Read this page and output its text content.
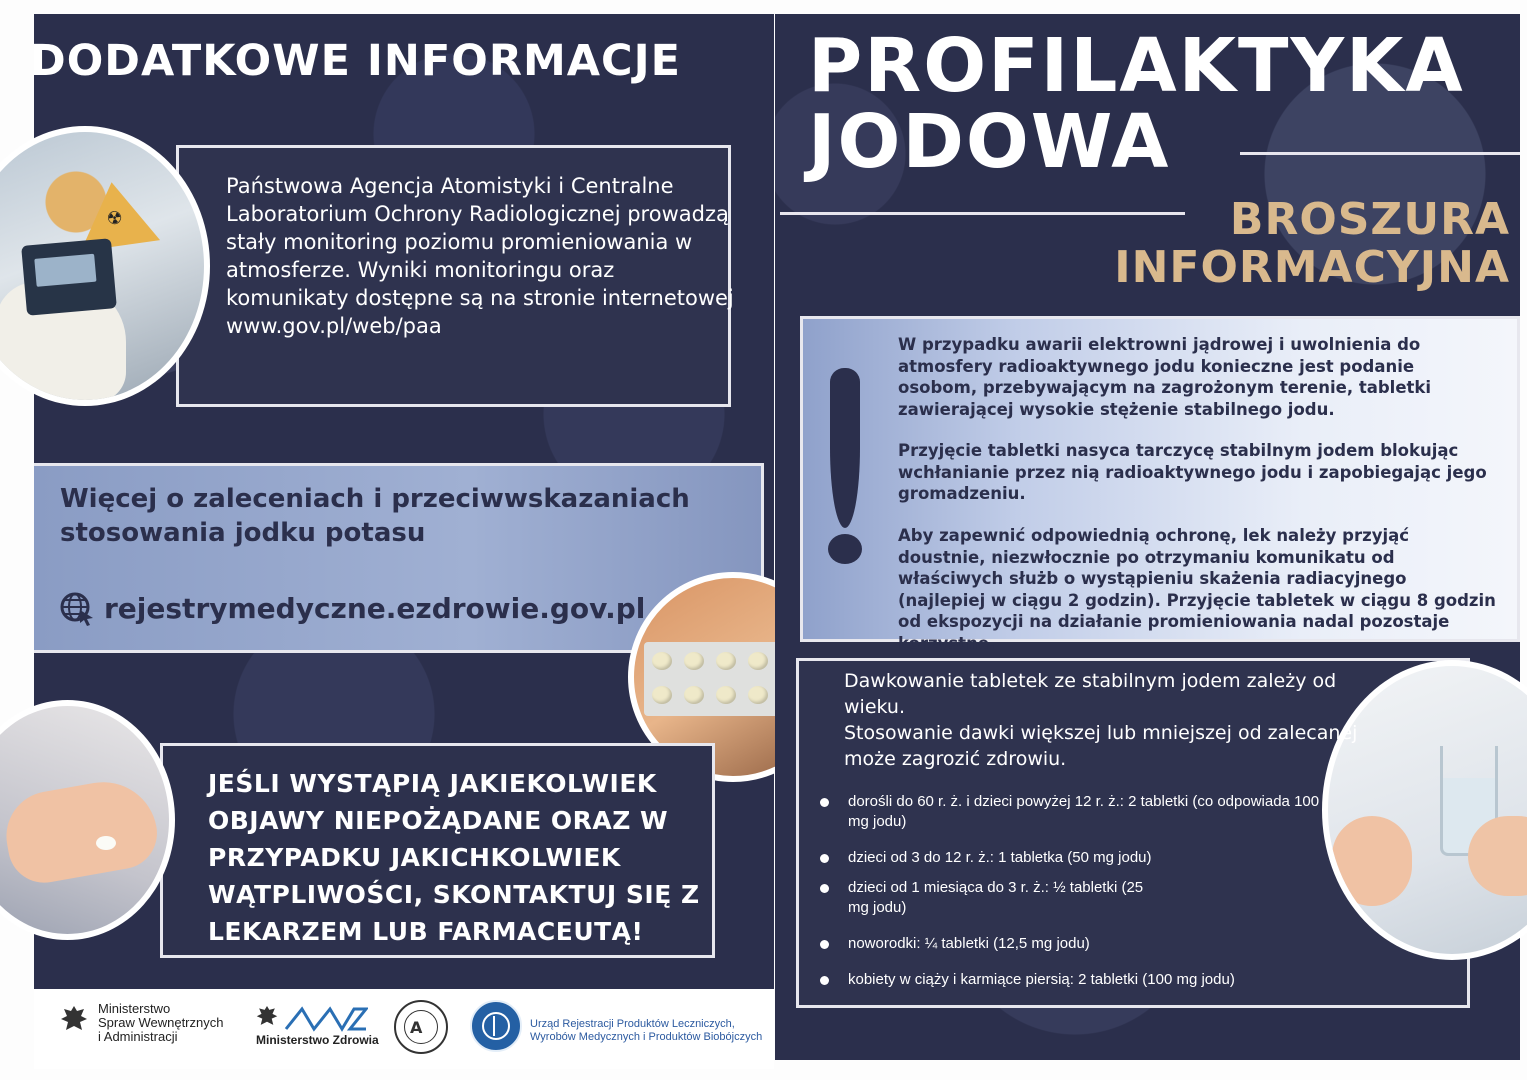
DODATKOWE INFORMACJE
☢
Państwowa Agencja Atomistyki i Centralne Laboratorium Ochrony Radiologicznej prowadzą stały monitoring poziomu promieniowania w atmosferze. Wyniki monitoringu oraz komunikaty dostępne są na stronie internetowej www.gov.pl/web/paa
Więcej o zaleceniach i przeciwwskazaniach stosowania jodku potasu
rejestrymedyczne.ezdrowie.gov.pl
JEŚLI WYSTĄPIĄ JAKIEKOLWIEK OBJAWY NIEPOŻĄDANE ORAZ W PRZYPADKU JAKICHKOLWIEK WĄTPLIWOŚCI, SKONTAKTUJ SIĘ Z LEKARZEM LUB FARMACEUTĄ!
Ministerstwo
Spraw Wewnętrznych
i Administracji	Ministerstwo Zdrowia
A	Urząd Rejestracji Produktów Leczniczych,
Wyrobów Medycznych i Produktów Biobójczych
PROFILAKTYKA
JODOWA
BROSZURA
INFORMACYJNA
W przypadku awarii elektrowni jądrowej i uwolnienia do atmosfery radioaktywnego jodu konieczne jest podanie osobom, przebywającym na zagrożonym terenie, tabletki zawierającej wysokie stężenie stabilnego jodu.
Przyjęcie tabletki nasyca tarczycę stabilnym jodem blokując wchłanianie przez nią radioaktywnego jodu i zapobiegając jego gromadzeniu.
Aby zapewnić odpowiednią ochronę, lek należy przyjąć doustnie, niezwłocznie po otrzymaniu komunikatu od właściwych służb o wystąpieniu skażenia radiacyjnego (najlepiej w ciągu 2 godzin). Przyjęcie tabletek w ciągu 8 godzin od ekspozycji na działanie promieniowania nadal pozostaje korzystne.
Dawkowanie tabletek ze stabilnym jodem zależy od wieku.
Stosowanie dawki większej lub mniejszej od zalecanej może zagrozić zdrowiu.
dorośli do 60 r. ż. i dzieci powyżej 12 r. ż.: 2 tabletki (co odpowiada 100 mg jodu)
dzieci od 3 do 12 r. ż.: 1 tabletka (50 mg jodu)
dzieci od 1 miesiąca do 3 r. ż.: ½ tabletki (25 mg jodu)
noworodki: ¼ tabletki (12,5 mg jodu)
kobiety w ciąży i karmiące piersią: 2 tabletki (100 mg jodu)
